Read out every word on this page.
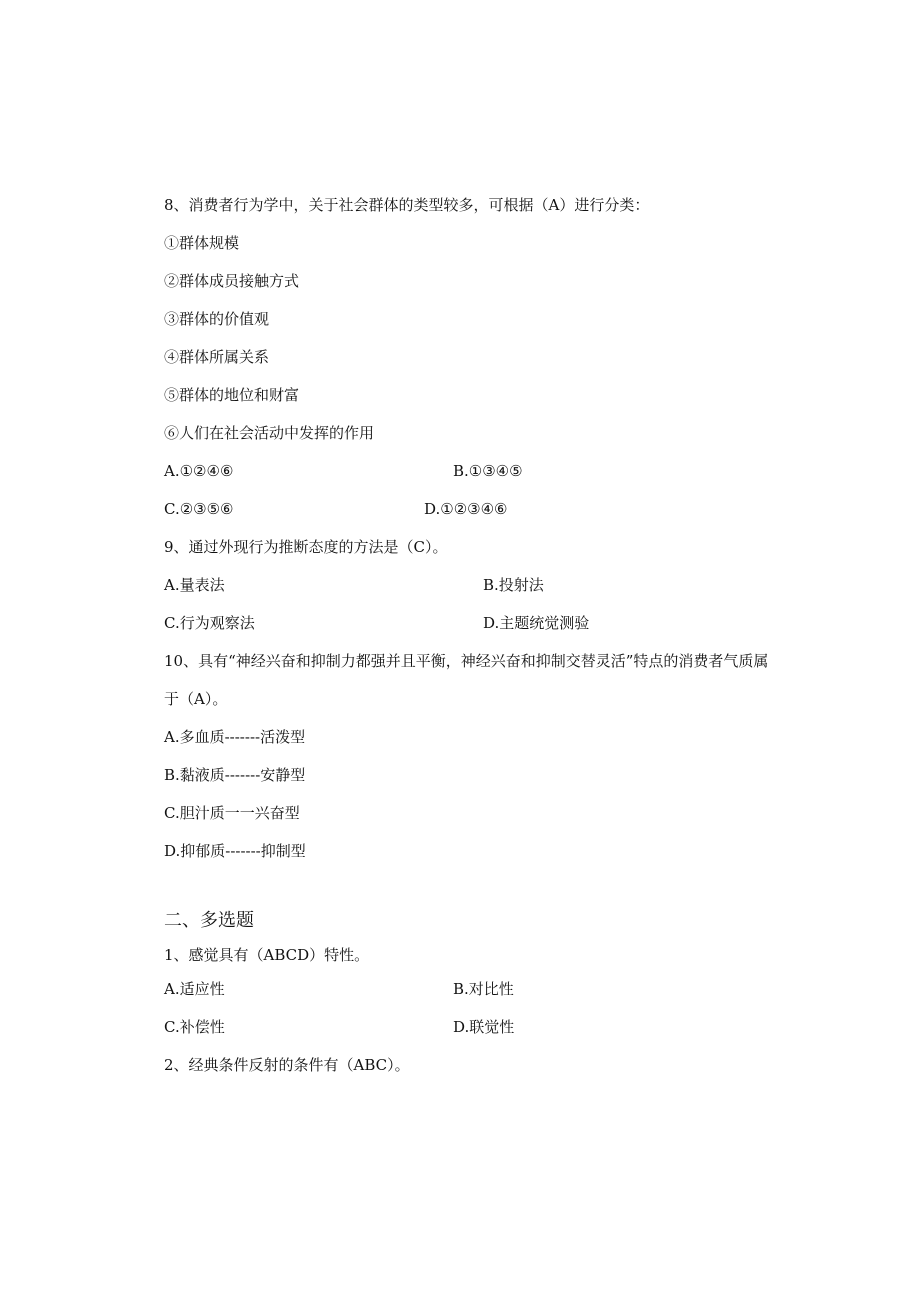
8、消费者行为学中，关于社会群体的类型较多，可根据（A）进行分类：
①群体规模
②群体成员接触方式
③群体的价值观
④群体所属关系
⑤群体的地位和财富
⑥人们在社会活动中发挥的作用
A.①②④⑥	B.①③④⑤
C.②③⑤⑥	D.①②③④⑥
9、通过外现行为推断态度的方法是（C）。
A.量表法	B.投射法
C.行为观察法	D.主题统觉测验
10、具有“神经兴奋和抑制力都强并且平衡，神经兴奋和抑制交替灵活”特点的消费者气质属
于（A）。
A.多血质-------活泼型
B.黏液质-------安静型
C.胆汁质一一兴奋型
D.抑郁质-------抑制型
二、多选题
1、感觉具有（ABCD）特性。
A.适应性	B.对比性
C.补偿性	D.联觉性
2、经典条件反射的条件有（ABC）。
